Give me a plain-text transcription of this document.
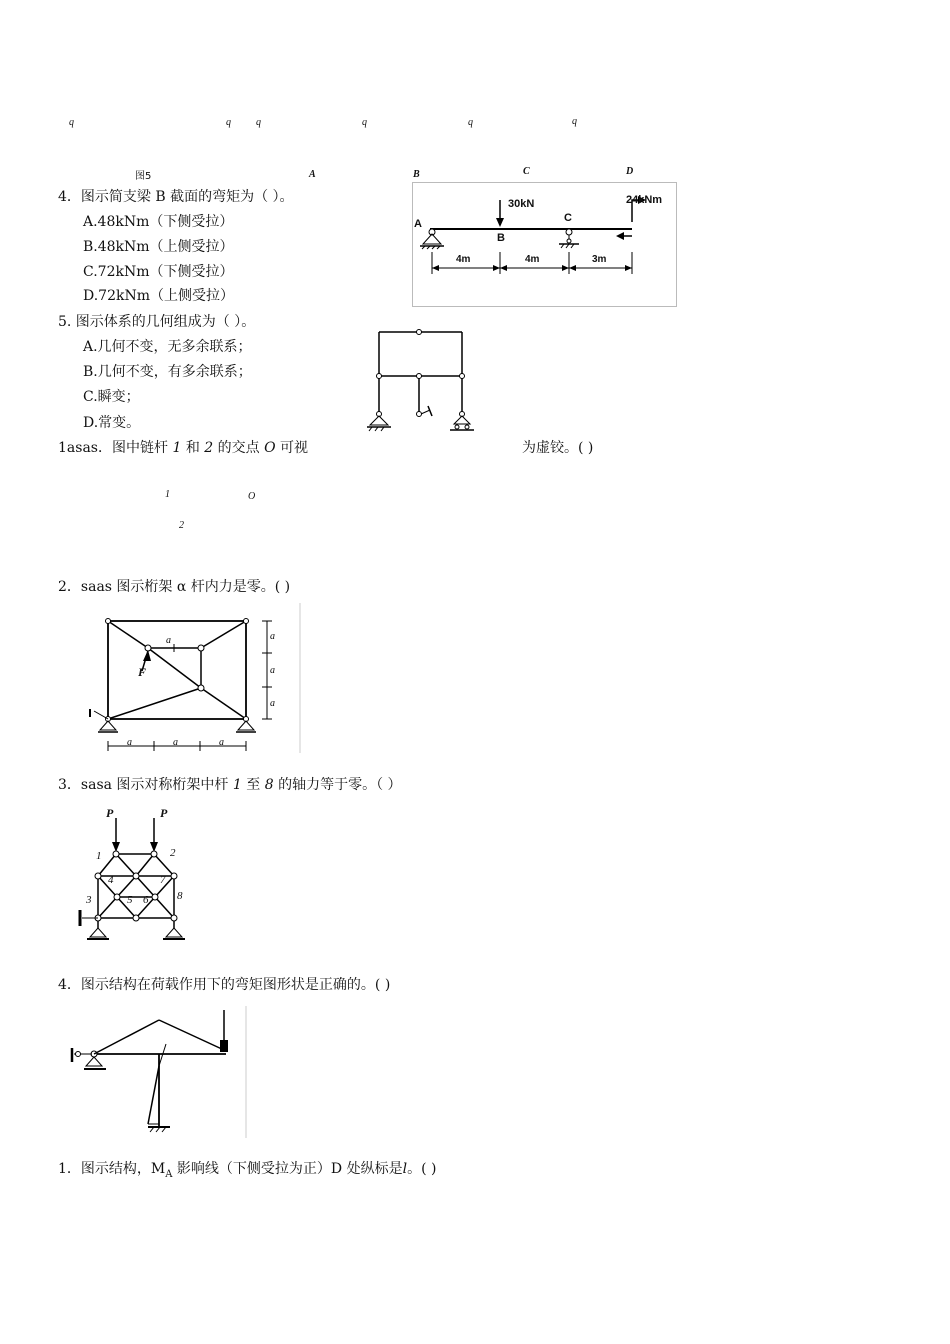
q	q	q	q	q	q
图5	A	B	C	D
4．图示简支梁 B 截面的弯矩为（ ）。
A.48kNm（下侧受拉）
B.48kNm（上侧受拉）
C.72kNm（下侧受拉）
D.72kNm（上侧受拉）
30kN	24kNm
A
B
C
4m	4m	3m
5. 图示体系的几何组成为（ ）。
A.几何不变，无多余联系；
B.几何不变，有多余联系；
C.瞬变；
D.常变。
1asas．图中链杆 1 和 2 的交点 O 可视	为虚铰。( )
1	O
2
2．saas 图示桁架 α 杆内力是零。( )
a
F
a
a
a
a	a	a
3．sasa 图示对称桁架中杆 1 至 8 的轴力等于零。（ ）
P	P
1	2
3
4
5 6
7
8
4．图示结构在荷载作用下的弯矩图形状是正确的。( )
1．图示结构，$M_A$ 影响线（下侧受拉为正）D 处纵标是l。( )
